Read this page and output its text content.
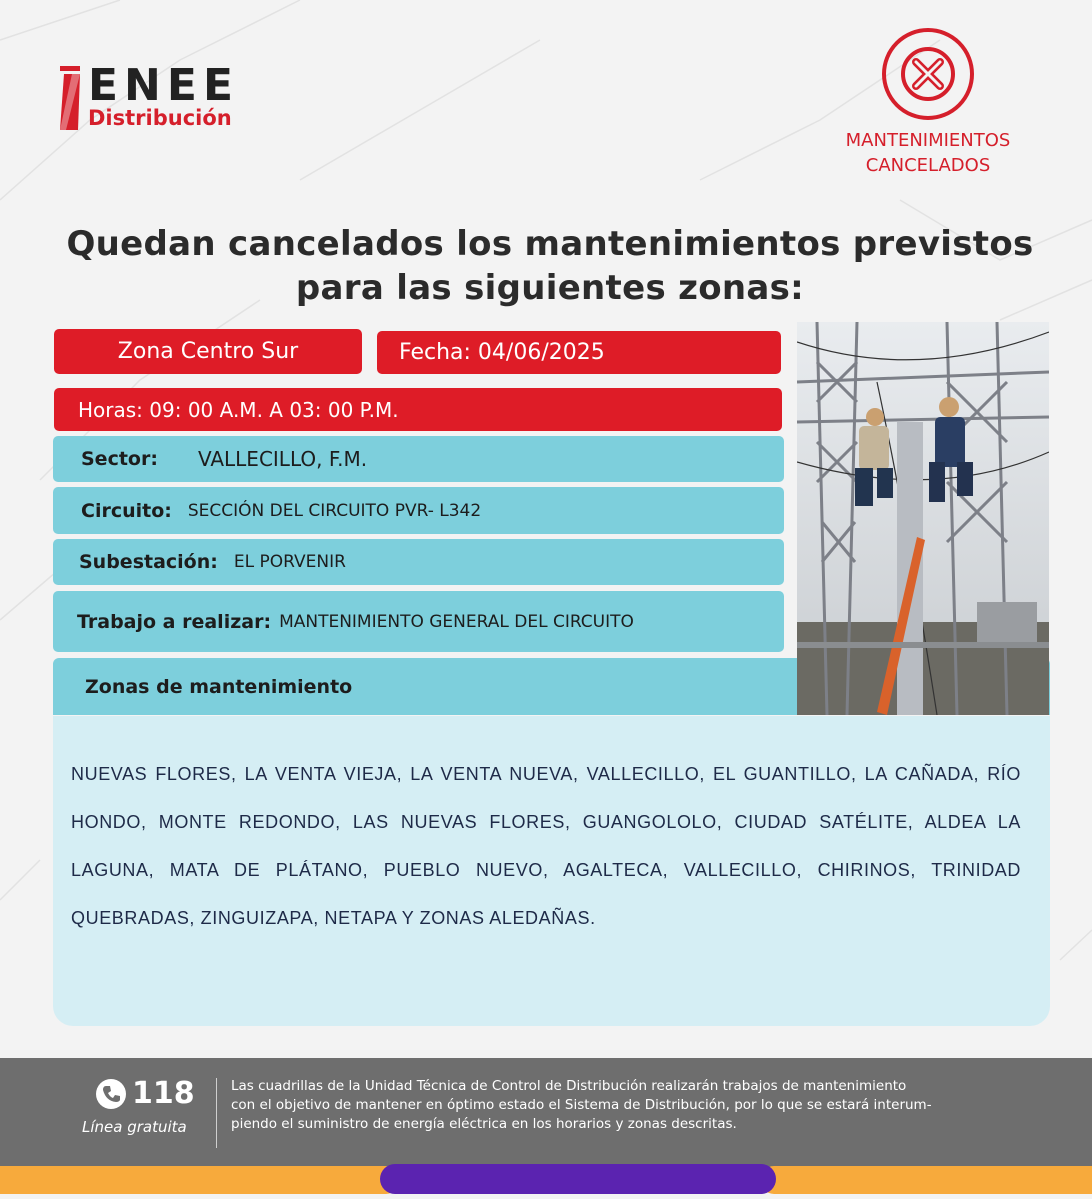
ENEE
Distribución
MANTENIMIENTOS
CANCELADOS
Quedan cancelados los mantenimientos previstos
para las siguientes zonas:
Zona Centro Sur	Fecha: 04/06/2025
Horas: 09: 00 A.M. A 03: 00 P.M.
Sector: VALLECILLO, F.M.
Circuito: SECCIÓN DEL CIRCUITO PVR- L342
Subestación: EL PORVENIR
Trabajo a realizar: MANTENIMIENTO GENERAL DEL CIRCUITO
Zonas de mantenimiento
NUEVAS FLORES, LA VENTA VIEJA, LA VENTA NUEVA, VALLECILLO, EL GUANTILLO, LA CAÑADA, RÍO HONDO, MONTE REDONDO, LAS NUEVAS FLORES, GUANGOLOLO, CIUDAD SATÉLITE, ALDEA LA LAGUNA, MATA DE PLÁTANO, PUEBLO NUEVO, AGALTECA, VALLECILLO, CHIRINOS, TRINIDAD QUEBRADAS, ZINGUIZAPA, NETAPA Y ZONAS ALEDAÑAS.
118
Línea gratuita
Las cuadrillas de la Unidad Técnica de Control de Distribución realizarán trabajos de mantenimiento
con el objetivo de mantener en óptimo estado el Sistema de Distribución, por lo que se estará interum-
piendo el suministro de energía eléctrica en los horarios y zonas descritas.
